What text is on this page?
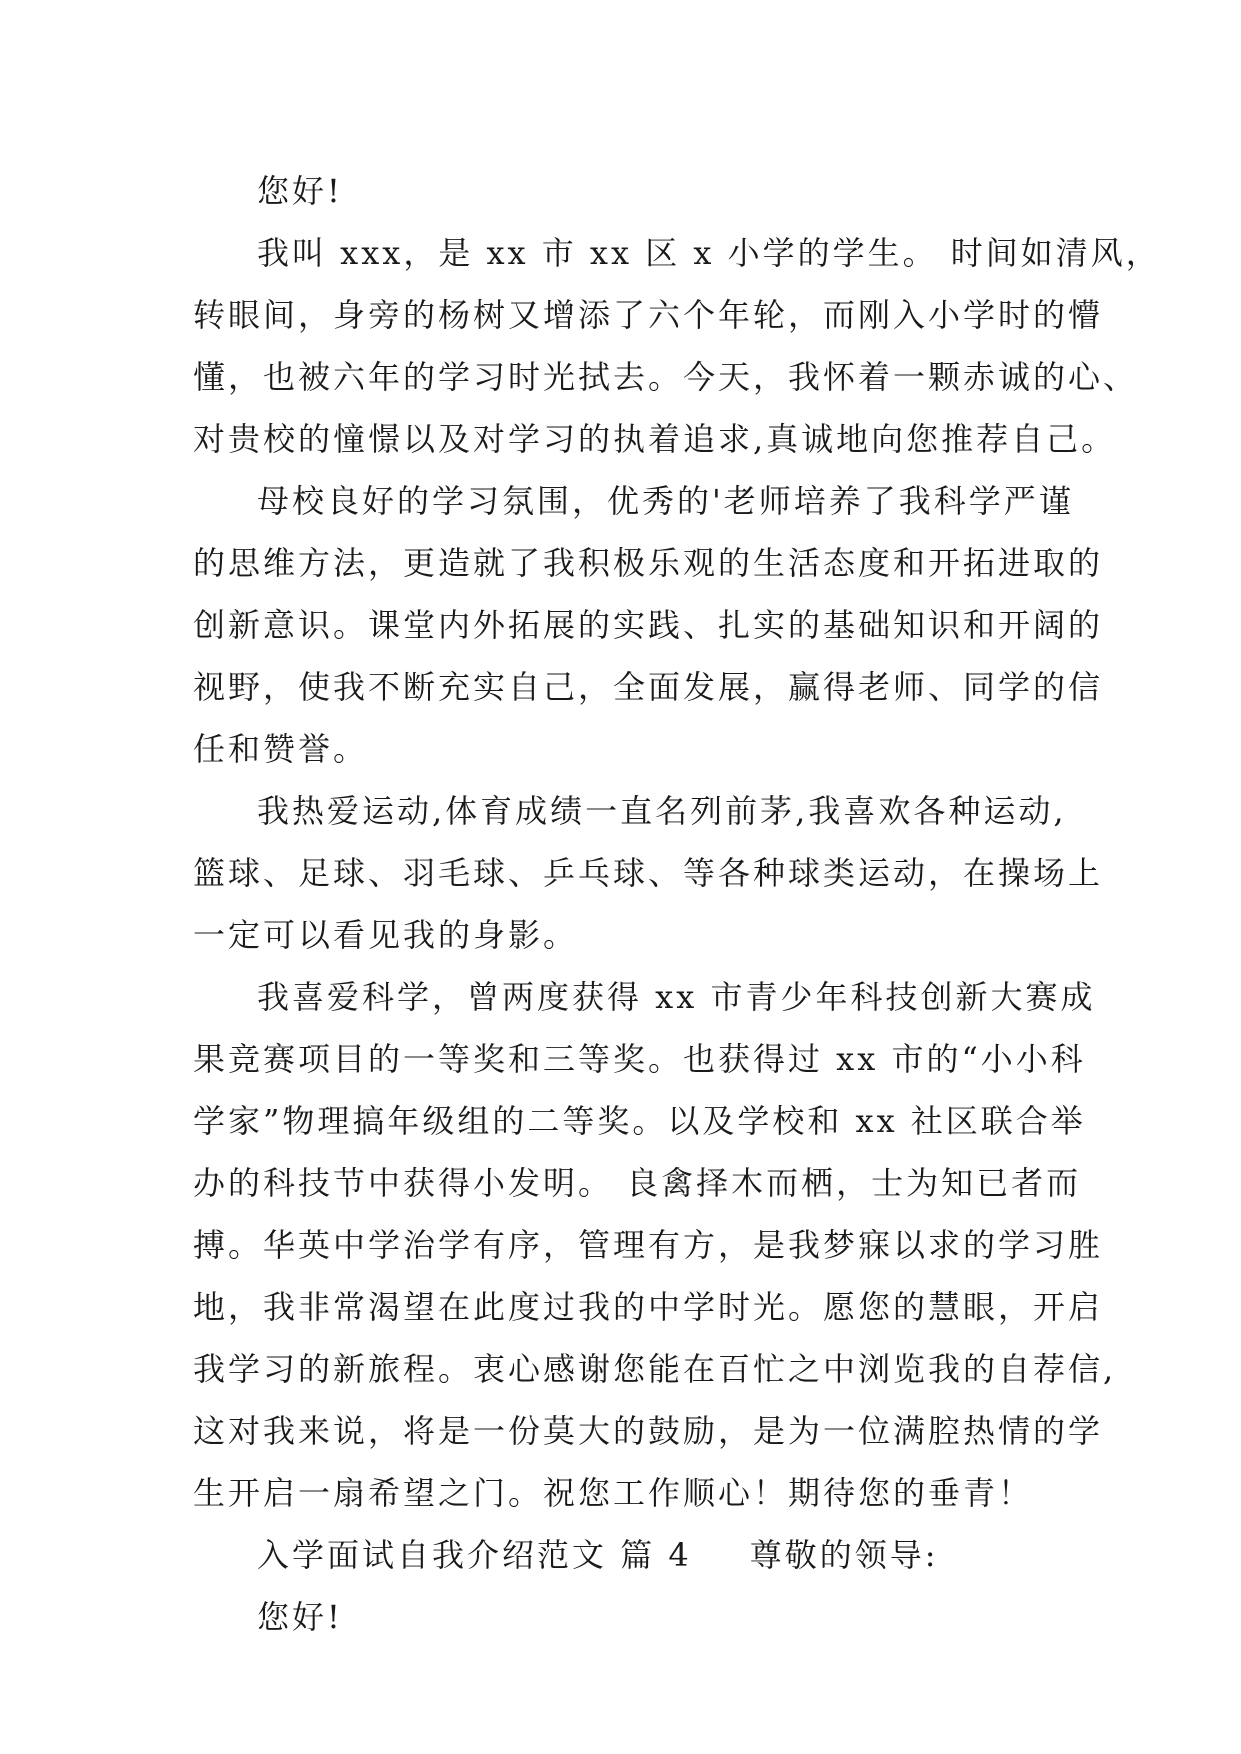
您好!
我叫 xxx，是 xx 市 xx 区 x 小学的学生。 时间如清风，
转眼间，身旁的杨树又增添了六个年轮，而刚入小学时的懵
懂，也被六年的学习时光拭去。今天，我怀着一颗赤诚的心、
对贵校的憧憬以及对学习的执着追求,真诚地向您推荐自己。
母校良好的学习氛围，优秀的'老师培养了我科学严谨
的思维方法，更造就了我积极乐观的生活态度和开拓进取的
创新意识。课堂内外拓展的实践、扎实的基础知识和开阔的
视野，使我不断充实自己，全面发展，赢得老师、同学的信
任和赞誉。
我热爱运动,体育成绩一直名列前茅,我喜欢各种运动,
篮球、足球、羽毛球、乒乓球、等各种球类运动，在操场上
一定可以看见我的身影。
我喜爱科学，曾两度获得 xx 市青少年科技创新大赛成
果竞赛项目的一等奖和三等奖。也获得过 xx 市的“小小科
学家”物理搞年级组的二等奖。以及学校和 xx 社区联合举
办的科技节中获得小发明。 良禽择木而栖，士为知已者而
搏。华英中学治学有序，管理有方，是我梦寐以求的学习胜
地，我非常渴望在此度过我的中学时光。愿您的慧眼，开启
我学习的新旅程。衷心感谢您能在百忙之中浏览我的自荐信,
这对我来说，将是一份莫大的鼓励，是为一位满腔热情的学
生开启一扇希望之门。祝您工作顺心！期待您的垂青！
入学面试自我介绍范文 篇 4 尊敬的领导:
您好!
